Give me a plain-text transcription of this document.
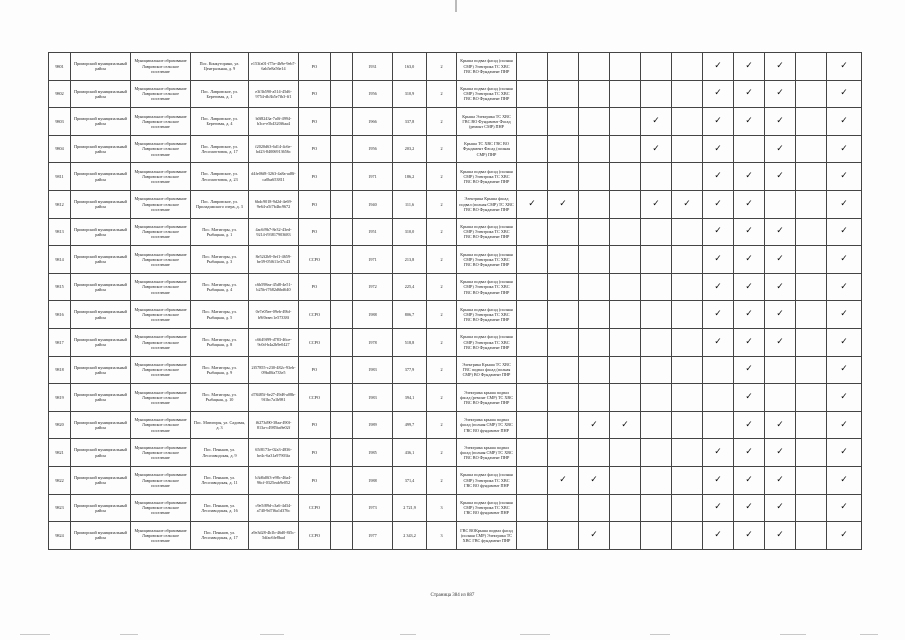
9801	Приморский муниципальный район	Муниципальное образование Лавровское сельское поселение	Пос. Конкуторино, ул. Центральная, д. 9	e153fa01-f75e-4b9e-9eb7-6ab5e8a56e14	РО		1931	163,0	2	Крыша подвал фасад (полная СМР) Электрика ТС ХВС ГВС ВО Фундамент ПНР							✓	✓	✓		✓
9802	Приморский муниципальный район	Муниципальное образование Лавровское сельское поселение	Пос. Лавровское, ул. Береговая, д. 1	e3f3b590-a514-45d6-9754-db3b5e7fb3-ff1	РО		1956	310,9	2	Крыша подвал фасад (полная СМР) Электрика ТС ХВС ГВС ВО Фундамент ПНР							✓	✓	✓		✓
9803	Приморский муниципальный район	Муниципальное образование Лавровское сельское поселение	Пос. Лавровское, ул. Береговая, д. 4	b0f8243a-7a0f-4994-b3ce-e5b4320f6aa4	РО		1966	337,8	2	Крыша Электрика ТС ХВС ГВС ВО Фундамент Фасад (ремонт СМР) ПНР					✓		✓	✓	✓		✓
9804	Приморский муниципальный район	Муниципальное образование Лавровское сельское поселение	Пос. Лавровское, ул. Лесозаготовок, д. 17	f2020d63-6d14-4c6e-bd23-84006913656c	РО		1956	203,2	2	Крыша ТС ХВС ГВС ВО Фундамент Фасад (полная СМР) ПНР					✓		✓		✓		✓
9811	Приморский муниципальный район	Муниципальное образование Лавровское сельское поселение	Пос. Лавровское, ул. Лесозаготовок, д. 23	d4fe06f8-3263-4a8a-ad8f-ca0ba653811	РО		1971	186,2	2	Крыша подвал фасад (полная СМР) Электрика ТС ХВС ГВС ВО Фундамент ПНР							✓	✓	✓		✓
9812	Приморский муниципальный район	Муниципальное образование Лавровское сельское поселение	Пос. Лавровское, ул. Приладожского озера, д. 3	6bdc9018-9d2d-4e69-9e64-a5f7b4bc9672	РО		1940	111,6	2	Электрика Крыша фасад подвал (полная СМР) ТС ХВС ГВС ВО Фундамент ПНР	✓	✓			✓	✓	✓	✓			✓
9813	Приморский муниципальный район	Муниципальное образование Лавровское сельское поселение	Пос. Матигоры, ул. Рыбацкая, д. 1	4ac6f9b7-8e32-43ed-9214-f93817903683	РО		1951	310,0	2	Крыша подвал фасад (полная СМР) Электрика ТС ХВС ГВС ВО Фундамент ПНР							✓	✓	✓		✓
9814	Приморский муниципальный район	Муниципальное образование Лавровское сельское поселение	Пос. Матигоры, ул. Рыбацкая, д. 3	8e52f2b9-0ef1-4659-be39-05f611e37c43	ССРО		1971	213,8	2	Крыша подвал фасад (полная СМР) Электрика ТС ХВС ГВС ВО Фундамент ПНР							✓	✓	✓		✓
9815	Приморский муниципальный район	Муниципальное образование Лавровское сельское поселение	Пос. Матигоры, ул. Рыбацкая, д. 4	c6b598ea-45d8-4e51-b25b-f7682d6bd640	РО		1972	225,4	2	Крыша подвал фасад (полная СМР) Электрика ТС ХВС ГВС ВО Фундамент ПНР							✓	✓	✓		✓
9816	Приморский муниципальный район	Муниципальное образование Лавровское сельское поселение	Пос. Матигоры, ул. Рыбацкая, д. 5	0e7e05ee-09eb-49bf-b9f0eaec1e57338f	ССРО		1988	806,7	2	Крыша подвал фасад (полная СМР) Электрика ТС ХВС ГВС ВО Фундамент ПНР							✓	✓	✓		✓
9817	Приморский муниципальный район	Муниципальное образование Лавровское сельское поселение	Пос. Матигоры, ул. Рыбацкая, д. 8	c6649f99-d783-46ce-9c0d-b4a2b9e0427	ССРО		1978	518,8	2	Крыша подвал фасад (полная СМР) Электрика ТС ХВС ГВС ВО Фундамент ПНР							✓	✓	✓		✓
9818	Приморский муниципальный район	Муниципальное образование Лавровское сельское поселение	Пос. Матигоры, ул. Рыбацкая, д. 9	2f57855-c230-482c-93eb-09bd0fa733e5	РО		1983	377,9	2	Электрика Крыша ТС ХВС ГВС подвал фасад (полная СМР) ВО Фундамент ПНР								✓			✓
9819	Приморский муниципальный район	Муниципальное образование Лавровское сельское поселение	Пос. Матигоры, ул. Рыбацкая, д. 10	d78485f-6e27-49d8-a08b-9f1bc7a1b981	ССРО		1983	394,1	2	Электрика крыша подвал фасад (ремонт СМР) ТС ХВС ГВС ВО Фундамент ПНР								✓			✓
9820	Приморский муниципальный район	Муниципальное образование Лавровское сельское поселение	Пос. Матигоры, ул. Садовая, д. 3	f6273d90-38aa-490f-813a-c4985ba9e02f	РО		1989	499,7	2	Электрика крыша подвал фасад (полная СМР) ТС ХВС ГВС ВО фундамент ПНР			✓	✓				✓	✓		✓
9821	Приморский муниципальный район	Муниципальное образование Лавровское сельское поселение	Пос. Пеньков, ул. Лесозаводская, д. 9	65f8173e-02a3-4836-be4c-6a31a97903fa	РО		1985	436,1	2	Электрика крыша подвал фасад (полная СМР) ТС ХВС ГВС ВО Фундамент ПНР							✓	✓	✓		✓
9822	Приморский муниципальный район	Муниципальное образование Лавровское сельское поселение	Пос. Пеньков, ул. Лесозаводская, д. 11	b3d6d0f3-e98c-46a4-96cf-0325eab9e052	РО		1988	371,4	2	Крыша подвал фасад (полная СМР) Электрика ТС ХВС ГВС ВО фундамент ПНР		✓	✓				✓	✓	✓		✓
9823	Приморский муниципальный район	Муниципальное образование Лавровское сельское поселение	Пос. Пеньков, ул. Лесозаводская, д. 16	c9e5f89d-c3a6-4d34-a740-9d7f6a1d376c	ССРО		1973	2 721,9	3	Крыша подвал фасад (полная СМР) Электрика ТС ХВС ГВС ВО фундамент ПНР							✓	✓	✓		✓
9824	Приморский муниципальный район	Муниципальное образование Лавровское сельское поселение	Пос. Пеньков, ул. Лесозаводская, д. 17	a9e3d28-4b1b-46d0-8f5c-5dfac6fe8bad	ССРО		1977	2 343,2	3	ГВС ВОКрыша подвал фасад (полная СМР) Электрика ТС ХВС ГВС фундамент ПНР			✓				✓	✓	✓		✓
Страница 384 из 887
